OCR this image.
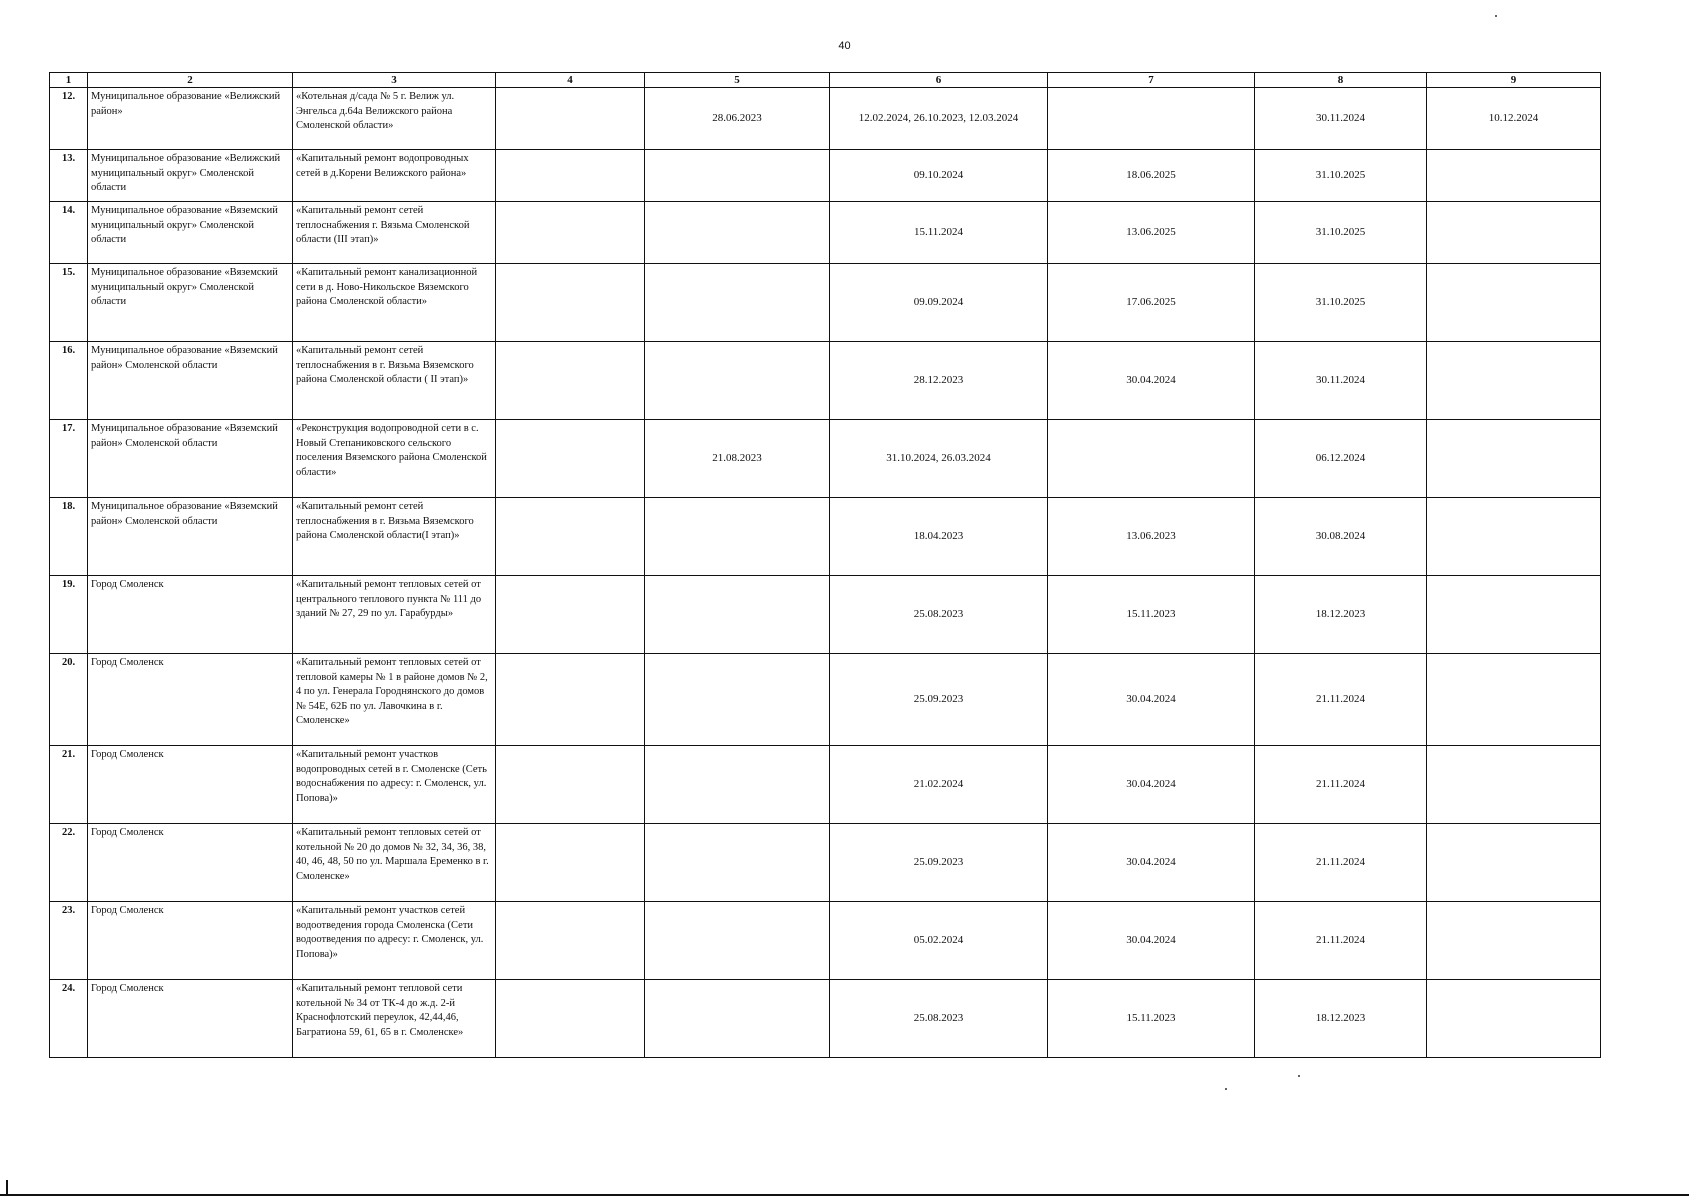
40
1	2	3	4	5	6	7	8	9
12.	Муниципальное образование «Велижский район»	«Котельная д/сада № 5 г. Велиж ул. Энгельса д.64а Велижского района Смоленской области»		28.06.2023	12.02.2024, 26.10.2023, 12.03.2024		30.11.2024	10.12.2024
13.	Муниципальное образование «Велижский муниципальный округ» Смоленской области	«Капитальный ремонт водопроводных сетей в д.Корени Велижского района»			09.10.2024	18.06.2025	31.10.2025	
14.	Муниципальное образование «Вяземский муниципальный округ» Смоленской области	«Капитальный ремонт сетей теплоснабжения г. Вязьма Смоленской области (III этап)»			15.11.2024	13.06.2025	31.10.2025	
15.	Муниципальное образование «Вяземский муниципальный округ» Смоленской области	«Капитальный ремонт канализационной сети в д. Ново-Никольское Вяземского района Смоленской области»			09.09.2024	17.06.2025	31.10.2025	
16.	Муниципальное образование «Вяземский район» Смоленской области	«Капитальный ремонт сетей теплоснабжения в г. Вязьма Вяземского района Смоленской области ( II этап)»			28.12.2023	30.04.2024	30.11.2024	
17.	Муниципальное образование «Вяземский район» Смоленской области	«Реконструкция водопроводной сети в с. Новый Степаниковского сельского поселения Вяземского района Смоленской области»		21.08.2023	31.10.2024, 26.03.2024		06.12.2024	
18.	Муниципальное образование «Вяземский район» Смоленской области	«Капитальный ремонт сетей теплоснабжения в г. Вязьма Вяземского района Смоленской области(I этап)»			18.04.2023	13.06.2023	30.08.2024	
19.	Город Смоленск	«Капитальный ремонт тепловых сетей от центрального теплового пункта № 111 до зданий № 27, 29 по ул. Гарабурды»			25.08.2023	15.11.2023	18.12.2023	
20.	Город Смоленск	«Капитальный ремонт тепловых сетей от тепловой камеры № 1 в районе домов № 2, 4 по ул. Генерала Городнянского до домов № 54Е, 62Б по ул. Лавочкина в г. Смоленске»			25.09.2023	30.04.2024	21.11.2024	
21.	Город Смоленск	«Капитальный ремонт участков водопроводных сетей в г. Смоленске (Сеть водоснабжения по адресу: г. Смоленск, ул. Попова)»			21.02.2024	30.04.2024	21.11.2024	
22.	Город Смоленск	«Капитальный ремонт тепловых сетей от котельной № 20 до домов № 32, 34, 36, 38, 40, 46, 48, 50 по ул. Маршала Еременко в г. Смоленске»			25.09.2023	30.04.2024	21.11.2024	
23.	Город Смоленск	«Капитальный ремонт участков сетей водоотведения города Смоленска (Сети водоотведения по адресу: г. Смоленск, ул. Попова)»			05.02.2024	30.04.2024	21.11.2024	
24.	Город Смоленск	«Капитальный ремонт тепловой сети котельной № 34 от ТК-4 до ж.д. 2-й Краснофлотский переулок, 42,44,46, Багратиона 59, 61, 65 в г. Смоленске»			25.08.2023	15.11.2023	18.12.2023	
